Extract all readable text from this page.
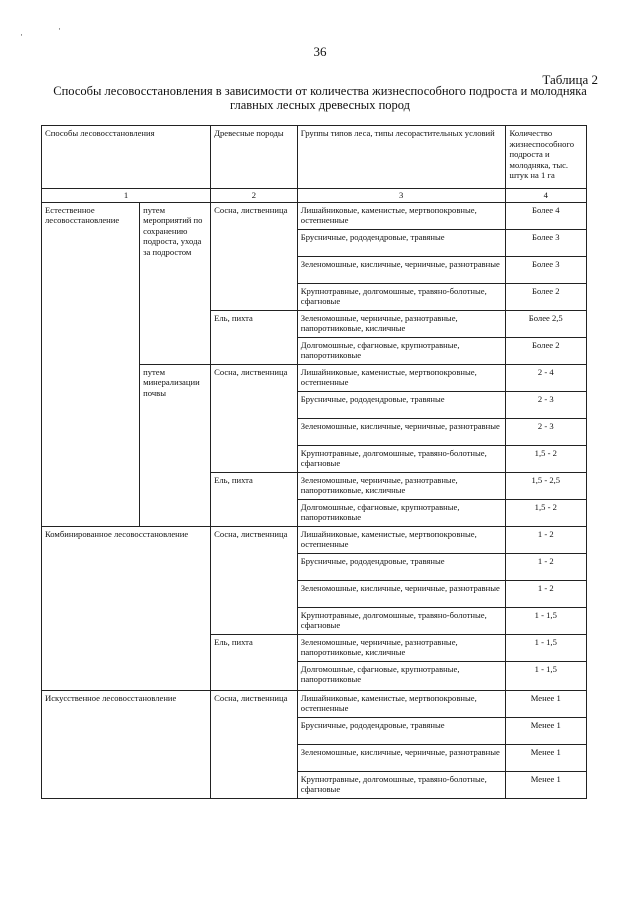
·
·
36
Таблица 2
Способы лесовосстановления в зависимости от количества жизнеспособного подроста и молодняка
главных лесных древесных пород
Способы лесовосстановления		Древесные породы	Группы типов леса, типы лесорастительных условий	Количество жизнеспособного подроста и молодняка, тыс. штук на 1 га
1		2	3	4
Естественное лесовосстановление	путем мероприятий по сохранению подроста, ухода за подростом	Сосна, лиственница	Лишайниковые, каменистые, мертвопокровные, остепненные	Более 4
			Брусничные, рододендровые, травяные	Более 3
			Зеленомошные, кисличные, черничные, разнотравные	Более 3
			Крупнотравные, долгомошные, травяно-болотные, сфагновые	Более 2
		Ель, пихта	Зеленомошные, черничные, разнотравные, папоротниковые, кисличные	Более 2,5
			Долгомошные, сфагновые, крупнотравные, папоротниковые	Более 2
	путем минерализации почвы	Сосна, лиственница	Лишайниковые, каменистые, мертвопокровные, остепненные	2 - 4
			Брусничные, рододендровые, травяные	2 - 3
			Зеленомошные, кисличные, черничные, разнотравные	2 - 3
			Крупнотравные, долгомошные, травяно-болотные, сфагновые	1,5 - 2
		Ель, пихта	Зеленомошные, черничные, разнотравные, папоротниковые, кисличные	1,5 - 2,5
			Долгомошные, сфагновые, крупнотравные, папоротниковые	1,5 - 2
Комбинированное лесовосстановление		Сосна, лиственница	Лишайниковые, каменистые, мертвопокровные, остепненные	1 - 2
			Брусничные, рододендровые, травяные	1 - 2
			Зеленомошные, кисличные, черничные, разнотравные	1 - 2
			Крупнотравные, долгомошные, травяно-болотные, сфагновые	1 - 1,5
		Ель, пихта	Зеленомошные, черничные, разнотравные, папоротниковые, кисличные	1 - 1,5
			Долгомошные, сфагновые, крупнотравные, папоротниковые	1 - 1,5
Искусственное лесовосстановление		Сосна, лиственница	Лишайниковые, каменистые, мертвопокровные, остепненные	Менее 1
			Брусничные, рододендровые, травяные	Менее 1
			Зеленомошные, кисличные, черничные, разнотравные	Менее 1
			Крупнотравные, долгомошные, травяно-болотные, сфагновые	Менее 1
